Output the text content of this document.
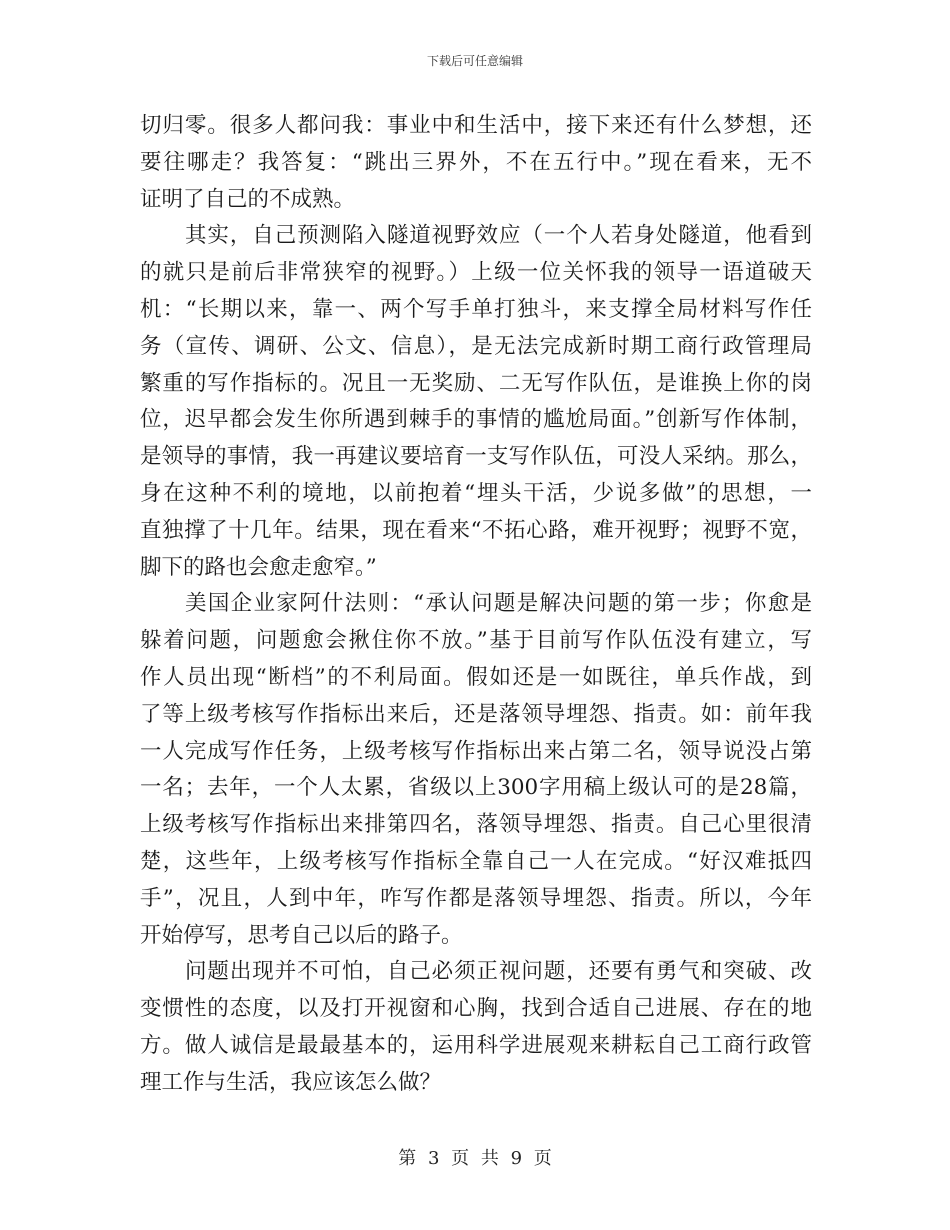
下载后可任意编辑
切归零。很多人都问我：事业中和生活中，接下来还有什么梦想，还
要往哪走？我答复：“跳出三界外，不在五行中。”现在看来，无不
证明了自己的不成熟。
其实，自己预测陷入隧道视野效应（一个人若身处隧道，他看到
的就只是前后非常狭窄的视野。）上级一位关怀我的领导一语道破天
机：“长期以来，靠一、两个写手单打独斗，来支撑全局材料写作任
务（宣传、调研、公文、信息），是无法完成新时期工商行政管理局
繁重的写作指标的。况且一无奖励、二无写作队伍，是谁换上你的岗
位，迟早都会发生你所遇到棘手的事情的尴尬局面。”创新写作体制，
是领导的事情，我一再建议要培育一支写作队伍，可没人采纳。那么，
身在这种不利的境地，以前抱着“埋头干活，少说多做”的思想，一
直独撑了十几年。结果，现在看来“不拓心路，难开视野；视野不宽，
脚下的路也会愈走愈窄。”
美国企业家阿什法则：“承认问题是解决问题的第一步；你愈是
躲着问题，问题愈会揪住你不放。”基于目前写作队伍没有建立，写
作人员出现“断档”的不利局面。假如还是一如既往，单兵作战，到
了等上级考核写作指标出来后，还是落领导埋怨、指责。如：前年我
一人完成写作任务，上级考核写作指标出来占第二名，领导说没占第
一名；去年，一个人太累，省级以上300字用稿上级认可的是28篇，
上级考核写作指标出来排第四名，落领导埋怨、指责。自己心里很清
楚，这些年，上级考核写作指标全靠自己一人在完成。“好汉难抵四
手”，况且，人到中年，咋写作都是落领导埋怨、指责。所以，今年
开始停写，思考自己以后的路子。
问题出现并不可怕，自己必须正视问题，还要有勇气和突破、改
变惯性的态度，以及打开视窗和心胸，找到合适自己进展、存在的地
方。做人诚信是最最基本的，运用科学进展观来耕耘自己工商行政管
理工作与生活，我应该怎么做？
第 3 页 共 9 页
